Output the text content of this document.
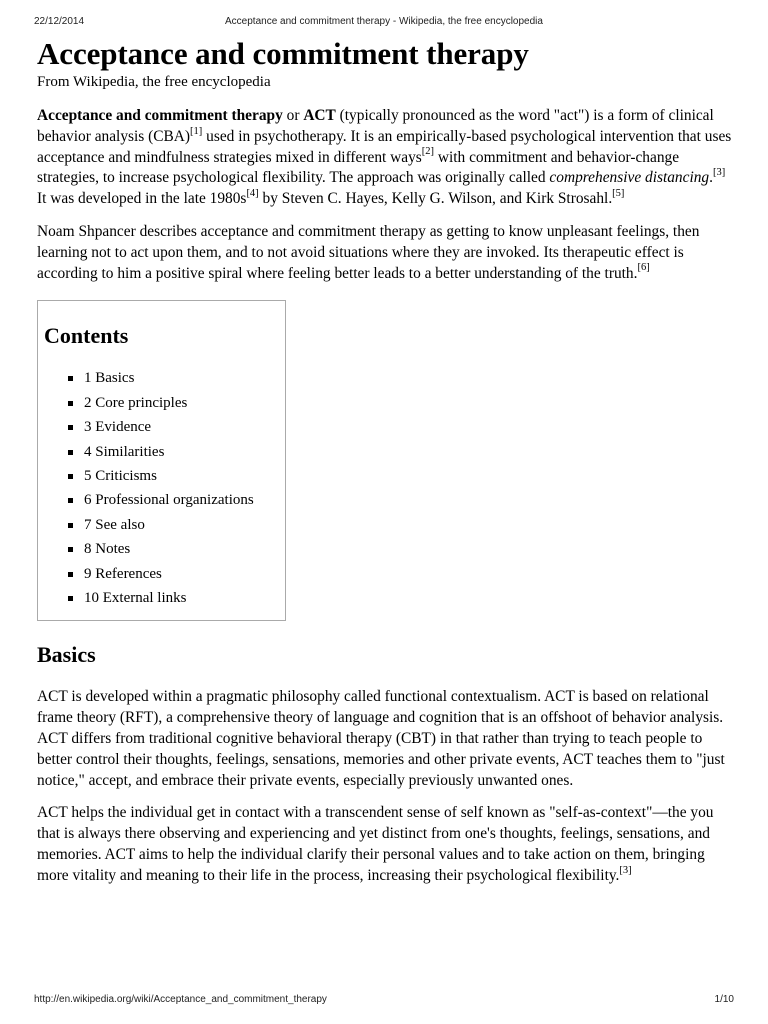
22/12/2014	Acceptance and commitment therapy - Wikipedia, the free encyclopedia
Acceptance and commitment therapy
From Wikipedia, the free encyclopedia

Acceptance and commitment therapy or ACT (typically pronounced as the word "act") is a form of clinical behavior analysis (CBA)[1] used in psychotherapy. It is an empirically-based psychological intervention that uses acceptance and mindfulness strategies mixed in different ways[2] with commitment and behavior-change strategies, to increase psychological flexibility. The approach was originally called comprehensive distancing.[3] It was developed in the late 1980s[4] by Steven C. Hayes, Kelly G. Wilson, and Kirk Strosahl.[5]

Noam Shpancer describes acceptance and commitment therapy as getting to know unpleasant feelings, then learning not to act upon them, and to not avoid situations where they are invoked. Its therapeutic effect is according to him a positive spiral where feeling better leads to a better understanding of the truth.[6]

Contents
1 Basics
2 Core principles
3 Evidence
4 Similarities
5 Criticisms
6 Professional organizations
7 See also
8 Notes
9 References
10 External links
Basics

ACT is developed within a pragmatic philosophy called functional contextualism. ACT is based on relational frame theory (RFT), a comprehensive theory of language and cognition that is an offshoot of behavior analysis. ACT differs from traditional cognitive behavioral therapy (CBT) in that rather than trying to teach people to better control their thoughts, feelings, sensations, memories and other private events, ACT teaches them to "just notice," accept, and embrace their private events, especially previously unwanted ones.

ACT helps the individual get in contact with a transcendent sense of self known as "self-as-context"—the you that is always there observing and experiencing and yet distinct from one's thoughts, feelings, sensations, and memories. ACT aims to help the individual clarify their personal values and to take action on them, bringing more vitality and meaning to their life in the process, increasing their psychological flexibility.[3]

http://en.wikipedia.org/wiki/Acceptance_and_commitment_therapy	1/10
